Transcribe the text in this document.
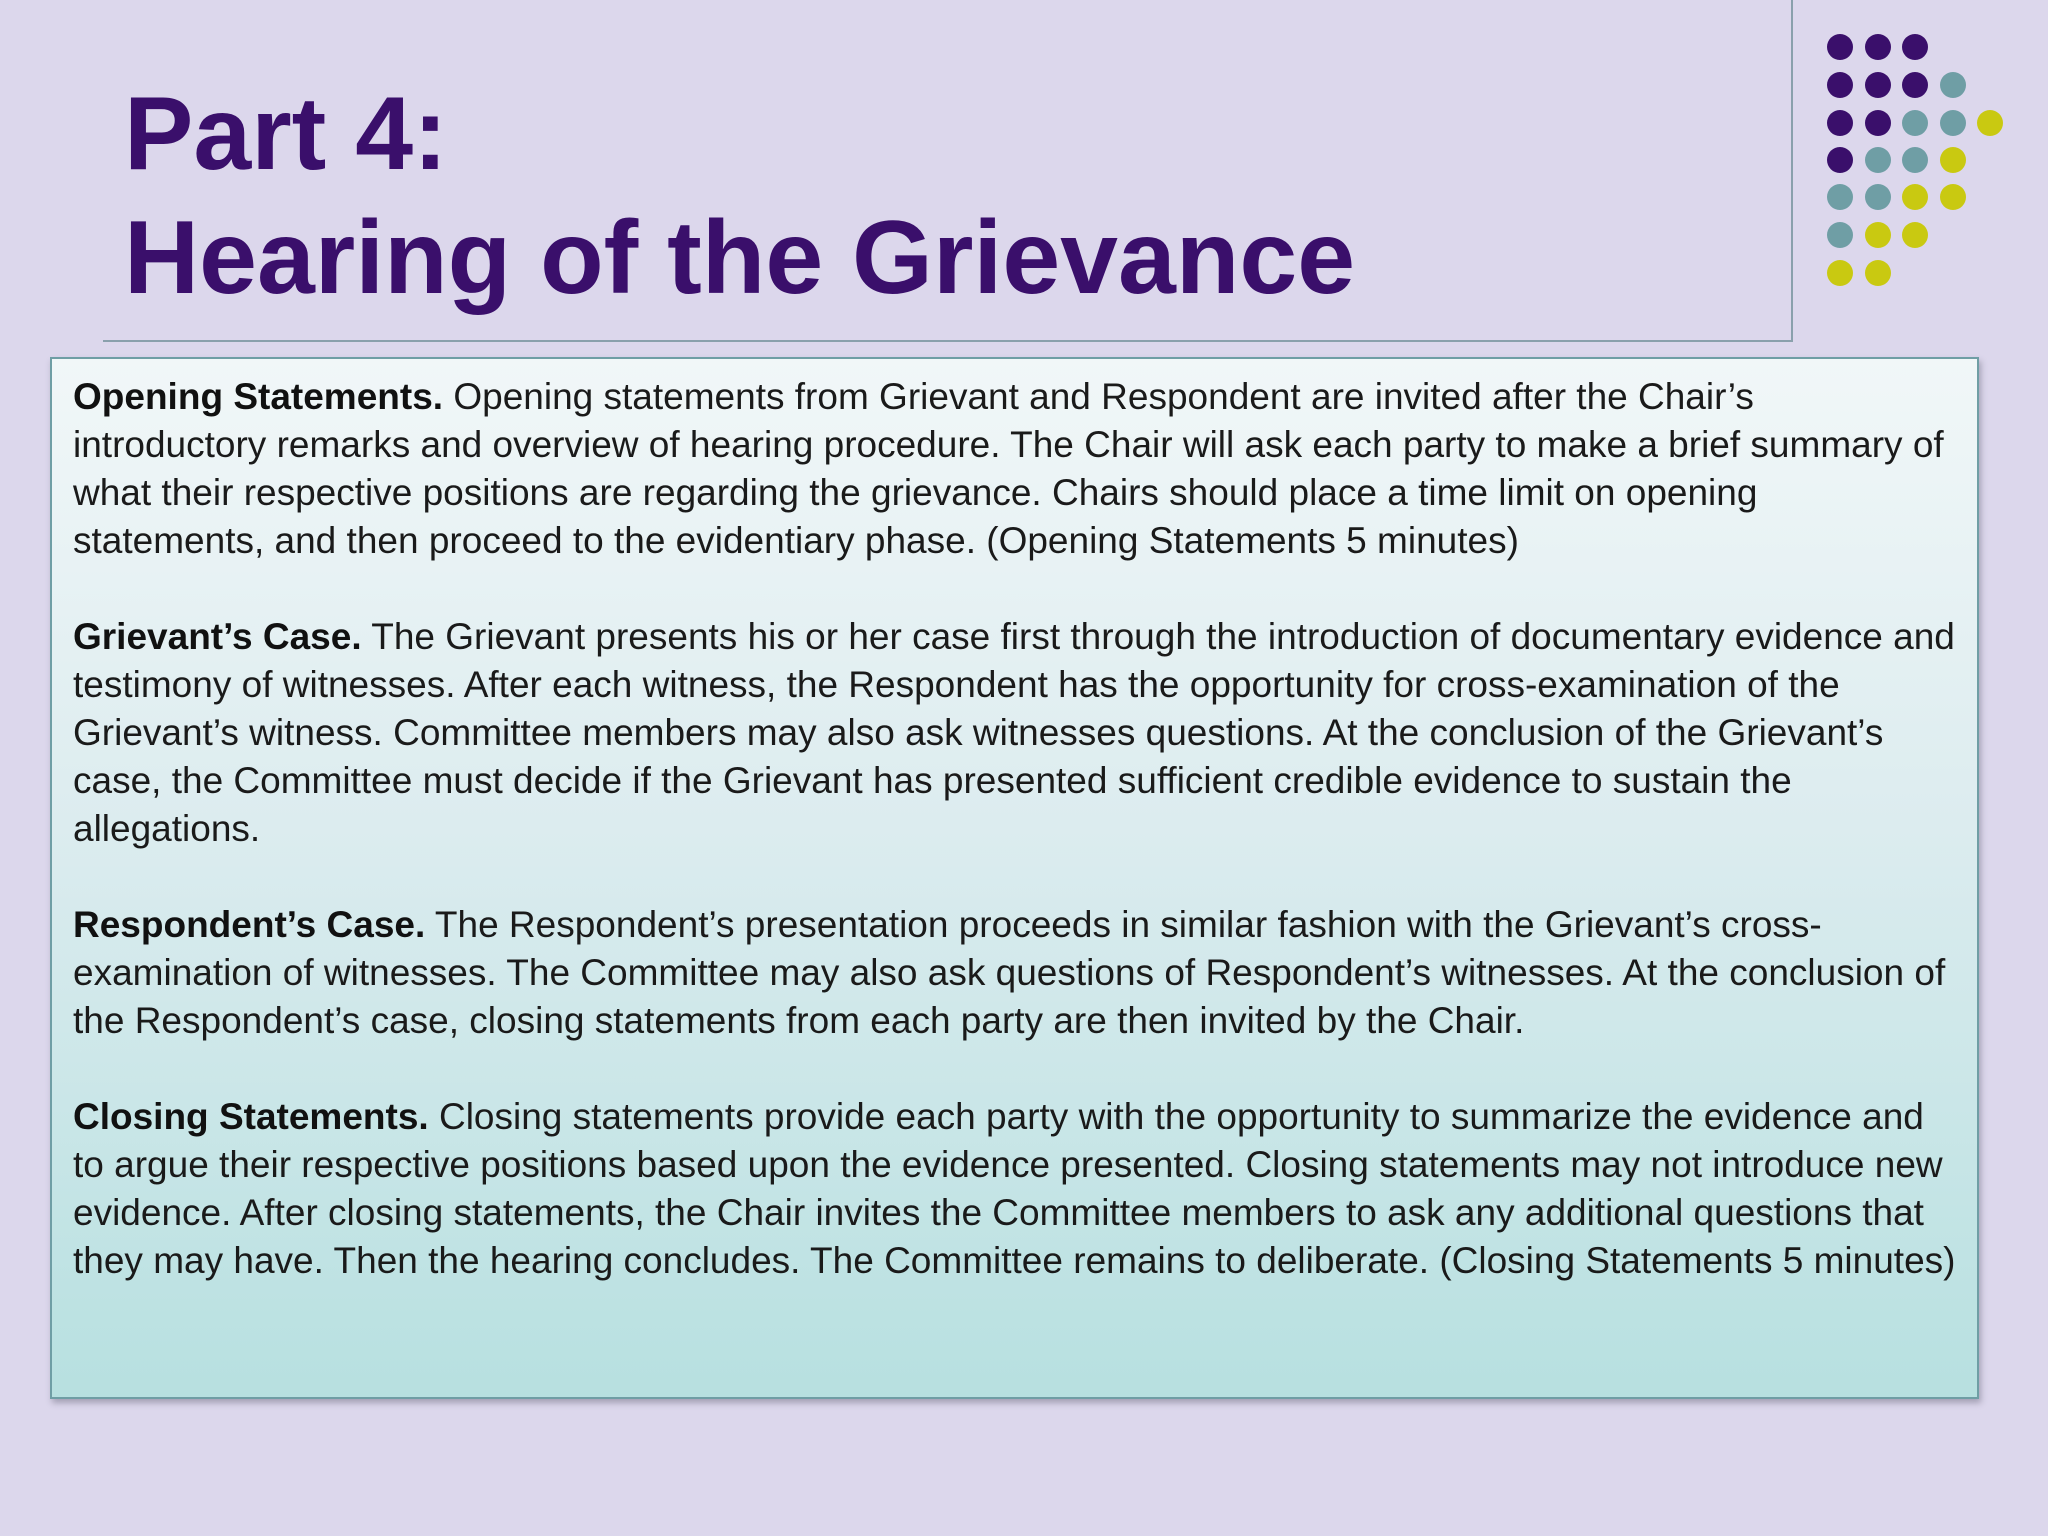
Part 4:
Hearing of the Grievance

Opening Statements. Opening statements from Grievant and Respondent are invited after the Chair’s introductory remarks and overview of hearing procedure. The Chair will ask each party to make a brief summary of what their respective positions are regarding the grievance. Chairs should place a time limit on opening statements, and then proceed to the evidentiary phase. (Opening Statements 5 minutes)

Grievant’s Case. The Grievant presents his or her case first through the introduction of documentary evidence and testimony of witnesses. After each witness, the Respondent has the opportunity for cross-examination of the Grievant’s witness. Committee members may also ask witnesses questions. At the conclusion of the Grievant’s case, the Committee must decide if the Grievant has presented sufficient credible evidence to sustain the allegations.

Respondent’s Case. The Respondent’s presentation proceeds in similar fashion with the Grievant’s cross-examination of witnesses. The Committee may also ask questions of Respondent’s witnesses. At the conclusion of the Respondent’s case, closing statements from each party are then invited by the Chair.

Closing Statements. Closing statements provide each party with the opportunity to summarize the evidence and to argue their respective positions based upon the evidence presented. Closing statements may not introduce new evidence. After closing statements, the Chair invites the Committee members to ask any additional questions that they may have. Then the hearing concludes. The Committee remains to deliberate. (Closing Statements 5 minutes)
